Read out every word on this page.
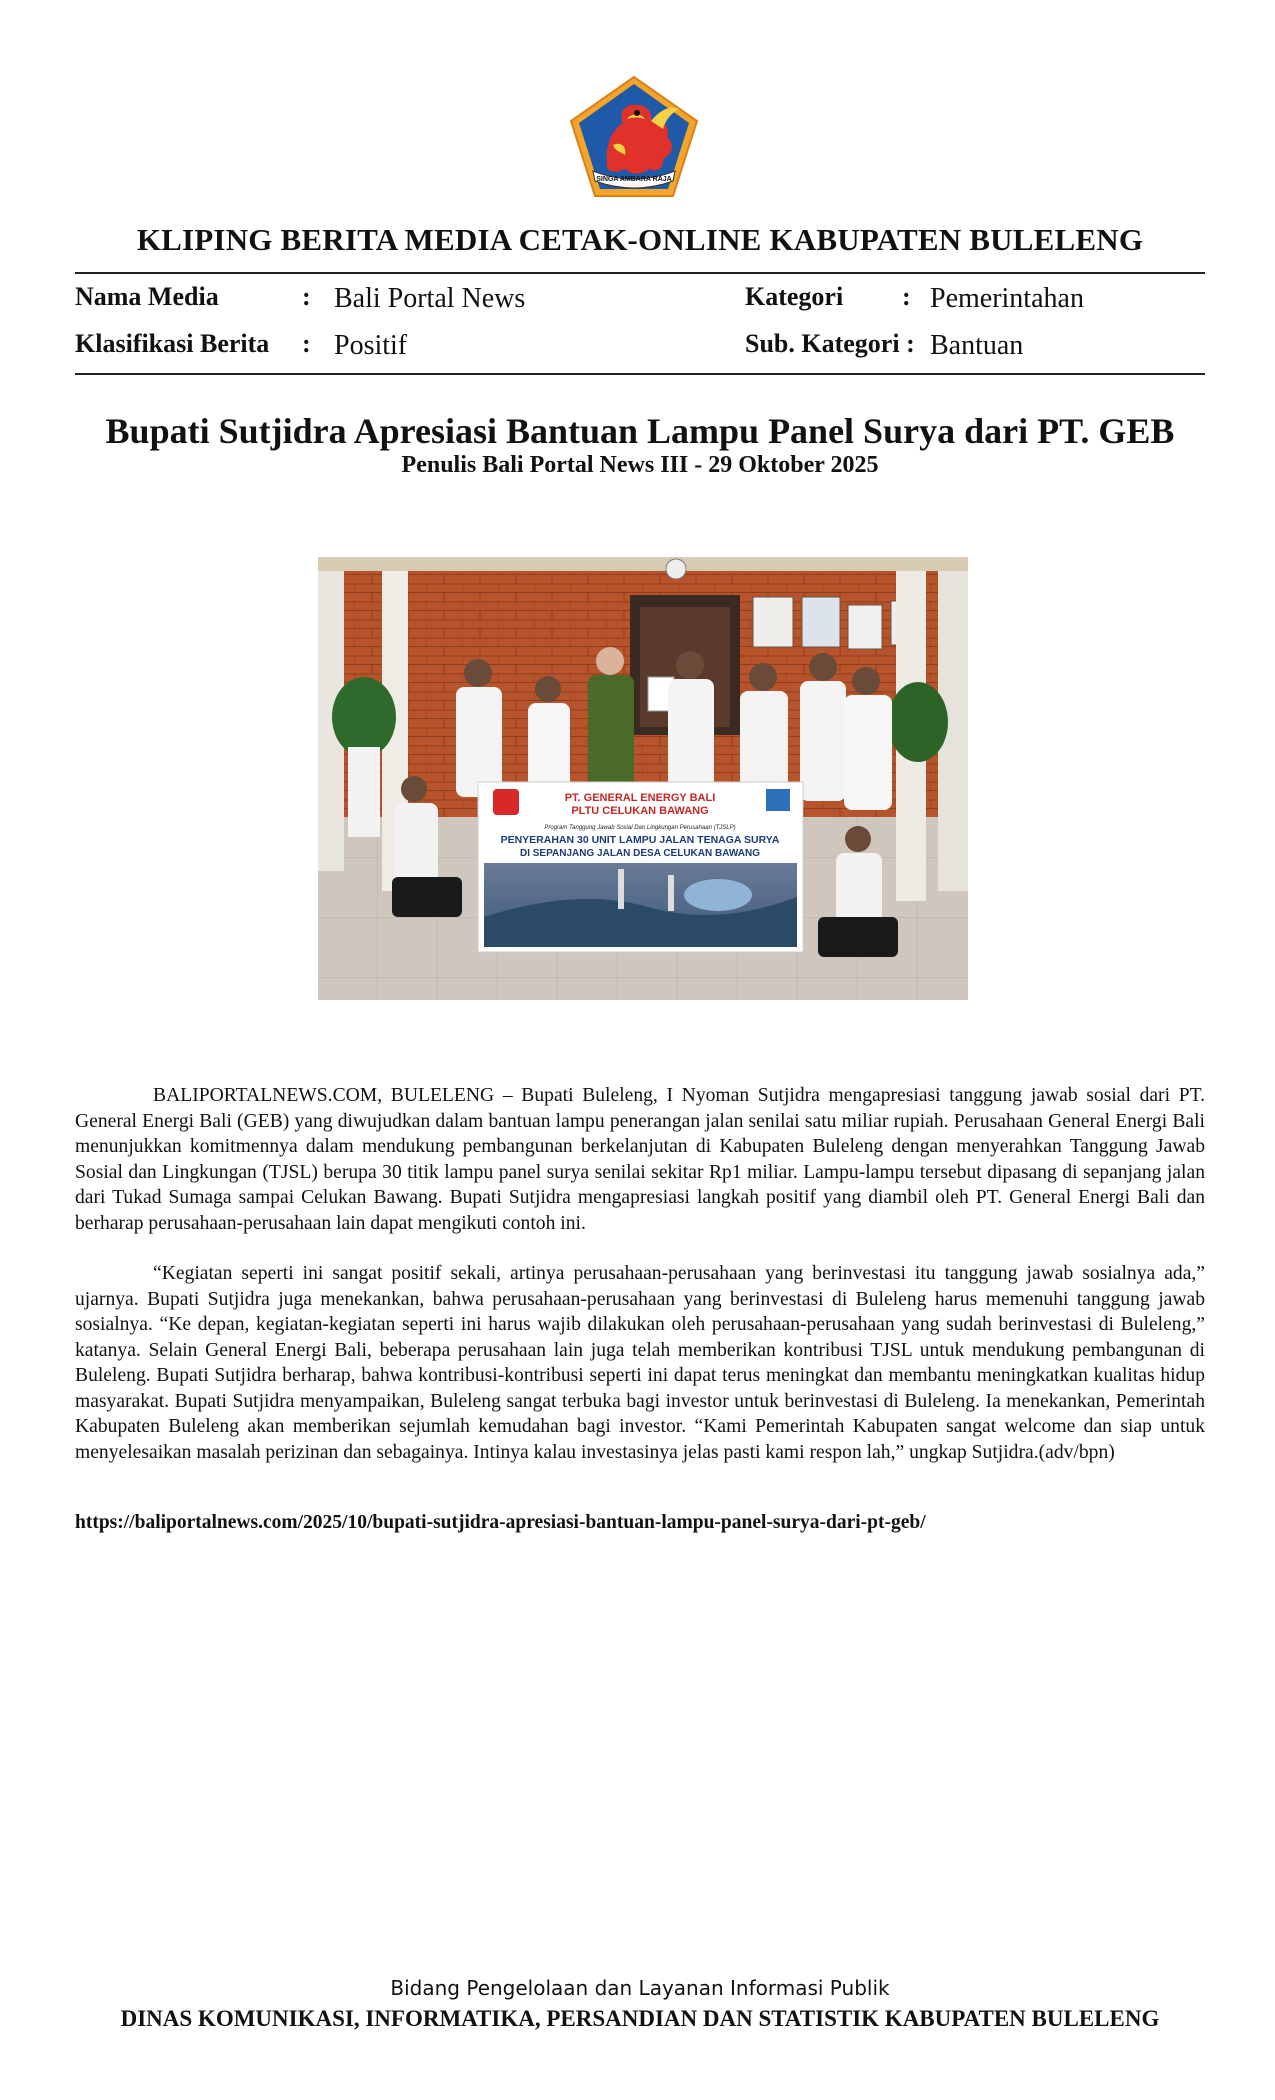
SINGA AMBARA RAJA
KLIPING BERITA MEDIA CETAK-ONLINE KABUPATEN BULELENG
Nama Media	: Bali Portal News
Klasifikasi Berita : Positif
Kategori : Pemerintahan
Sub. Kategori : Bantuan
Bupati Sutjidra Apresiasi Bantuan Lampu Panel Surya dari PT. GEB
Penulis Bali Portal News III - 29 Oktober 2025
PT. GENERAL ENERGY BALI
PLTU CELUKAN BAWANG
Program Tanggung Jawab Sosial Dan Lingkungan Perusahaan (TJSLP)
PENYERAHAN 30 UNIT LAMPU JALAN TENAGA SURYA
DI SEPANJANG JALAN DESA CELUKAN BAWANG

BALIPORTALNEWS.COM, BULELENG – Bupati Buleleng, I Nyoman Sutjidra mengapresiasi tanggung jawab sosial dari PT. General Energi Bali (GEB) yang diwujudkan dalam bantuan lampu penerangan jalan senilai satu miliar rupiah. Perusahaan General Energi Bali menunjukkan komitmennya dalam mendukung pembangunan berkelanjutan di Kabupaten Buleleng dengan menyerahkan Tanggung Jawab Sosial dan Lingkungan (TJSL) berupa 30 titik lampu panel surya senilai sekitar Rp1 miliar. Lampu-lampu tersebut dipasang di sepanjang jalan dari Tukad Sumaga sampai Celukan Bawang. Bupati Sutjidra mengapresiasi langkah positif yang diambil oleh PT. General Energi Bali dan berharap perusahaan-perusahaan lain dapat mengikuti contoh ini.

“Kegiatan seperti ini sangat positif sekali, artinya perusahaan-perusahaan yang berinvestasi itu tanggung jawab sosialnya ada,” ujarnya. Bupati Sutjidra juga menekankan, bahwa perusahaan-perusahaan yang berinvestasi di Buleleng harus memenuhi tanggung jawab sosialnya. “Ke depan, kegiatan-kegiatan seperti ini harus wajib dilakukan oleh perusahaan-perusahaan yang sudah berinvestasi di Buleleng,” katanya. Selain General Energi Bali, beberapa perusahaan lain juga telah memberikan kontribusi TJSL untuk mendukung pembangunan di Buleleng. Bupati Sutjidra berharap, bahwa kontribusi-kontribusi seperti ini dapat terus meningkat dan membantu meningkatkan kualitas hidup masyarakat. Bupati Sutjidra menyampaikan, Buleleng sangat terbuka bagi investor untuk berinvestasi di Buleleng. Ia menekankan, Pemerintah Kabupaten Buleleng akan memberikan sejumlah kemudahan bagi investor. “Kami Pemerintah Kabupaten sangat welcome dan siap untuk menyelesaikan masalah perizinan dan sebagainya. Intinya kalau investasinya jelas pasti kami respon lah,” ungkap Sutjidra.(adv/bpn)

https://baliportalnews.com/2025/10/bupati-sutjidra-apresiasi-bantuan-lampu-panel-surya-dari-pt-geb/
Bidang Pengelolaan dan Layanan Informasi Publik
DINAS KOMUNIKASI, INFORMATIKA, PERSANDIAN DAN STATISTIK KABUPATEN BULELENG
